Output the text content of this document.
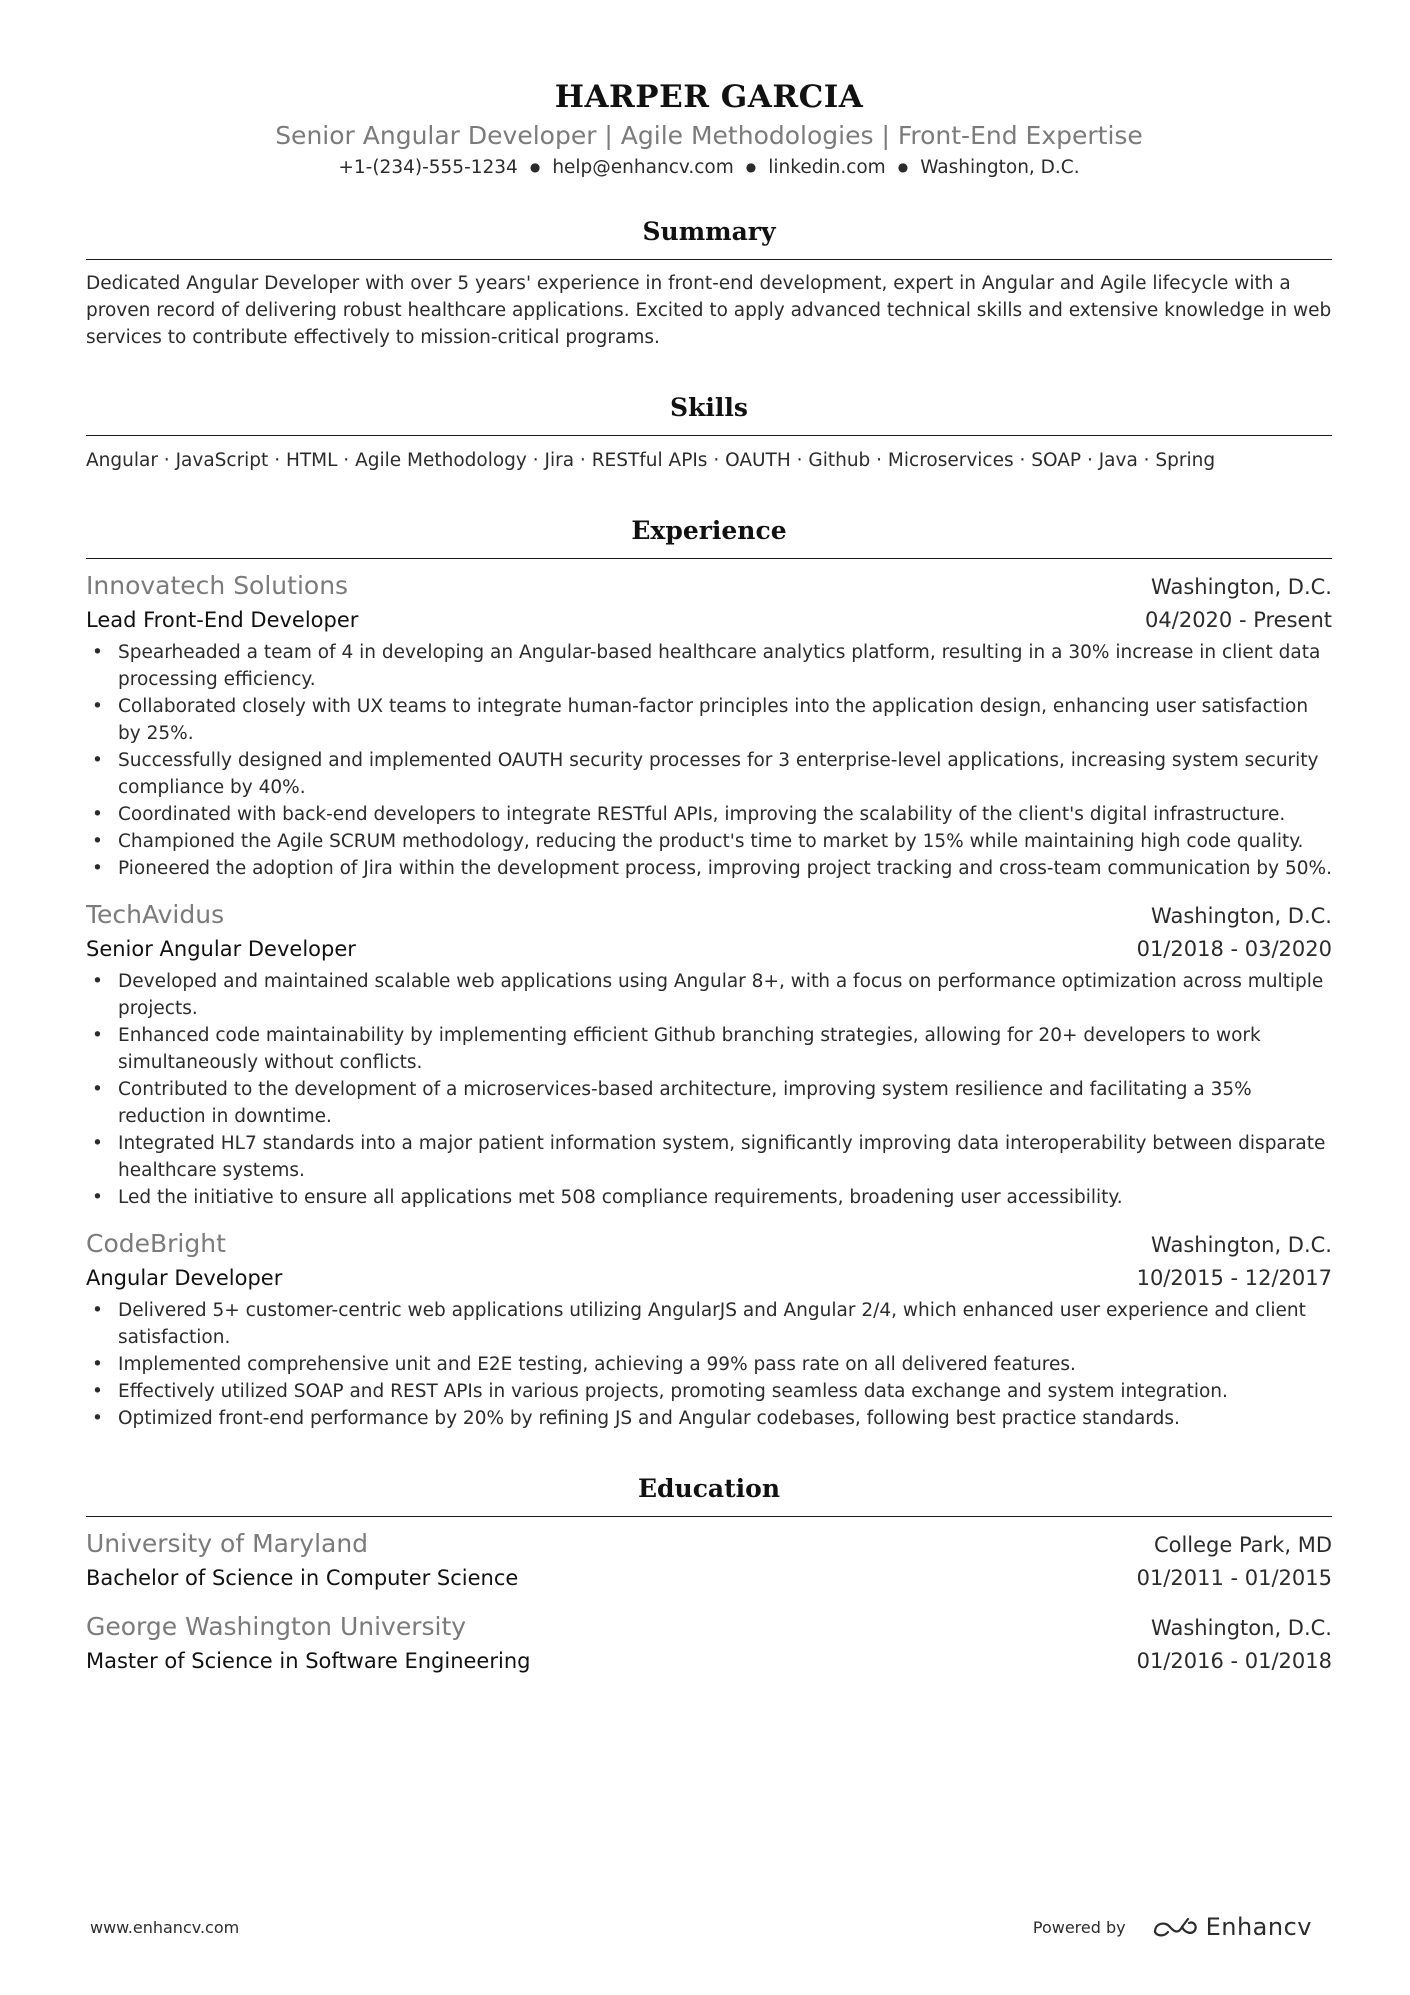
HARPER GARCIA
Senior Angular Developer | Agile Methodologies | Front-End Expertise
+1-(234)-555-1234 ● help@enhancv.com ● linkedin.com ● Washington, D.C.
Summary
Dedicated Angular Developer with over 5 years' experience in front-end development, expert in Angular and Agile lifecycle with a proven record of delivering robust healthcare applications. Excited to apply advanced technical skills and extensive knowledge in web services to contribute effectively to mission-critical programs.
Skills
Angular · JavaScript · HTML · Agile Methodology · Jira · RESTful APIs · OAUTH · Github · Microservices · SOAP · Java · Spring
Experience
Innovatech Solutions	Washington, D.C.
Lead Front-End Developer	04/2020 - Present
• Spearheaded a team of 4 in developing an Angular-based healthcare analytics platform, resulting in a 30% increase in client data processing efficiency.
• Collaborated closely with UX teams to integrate human-factor principles into the application design, enhancing user satisfaction by 25%.
• Successfully designed and implemented OAUTH security processes for 3 enterprise-level applications, increasing system security compliance by 40%.
• Coordinated with back-end developers to integrate RESTful APIs, improving the scalability of the client's digital infrastructure.
• Championed the Agile SCRUM methodology, reducing the product's time to market by 15% while maintaining high code quality.
• Pioneered the adoption of Jira within the development process, improving project tracking and cross-team communication by 50%.
TechAvidus	Washington, D.C.
Senior Angular Developer	01/2018 - 03/2020
• Developed and maintained scalable web applications using Angular 8+, with a focus on performance optimization across multiple projects.
• Enhanced code maintainability by implementing efficient Github branching strategies, allowing for 20+ developers to work simultaneously without conflicts.
• Contributed to the development of a microservices-based architecture, improving system resilience and facilitating a 35% reduction in downtime.
• Integrated HL7 standards into a major patient information system, significantly improving data interoperability between disparate healthcare systems.
• Led the initiative to ensure all applications met 508 compliance requirements, broadening user accessibility.
CodeBright	Washington, D.C.
Angular Developer	10/2015 - 12/2017
• Delivered 5+ customer-centric web applications utilizing AngularJS and Angular 2/4, which enhanced user experience and client satisfaction.
• Implemented comprehensive unit and E2E testing, achieving a 99% pass rate on all delivered features.
• Effectively utilized SOAP and REST APIs in various projects, promoting seamless data exchange and system integration.
• Optimized front-end performance by 20% by refining JS and Angular codebases, following best practice standards.
Education
University of Maryland	College Park, MD
Bachelor of Science in Computer Science	01/2011 - 01/2015
George Washington University	Washington, D.C.
Master of Science in Software Engineering	01/2016 - 01/2018
www.enhancv.com	Powered by	Enhancv
